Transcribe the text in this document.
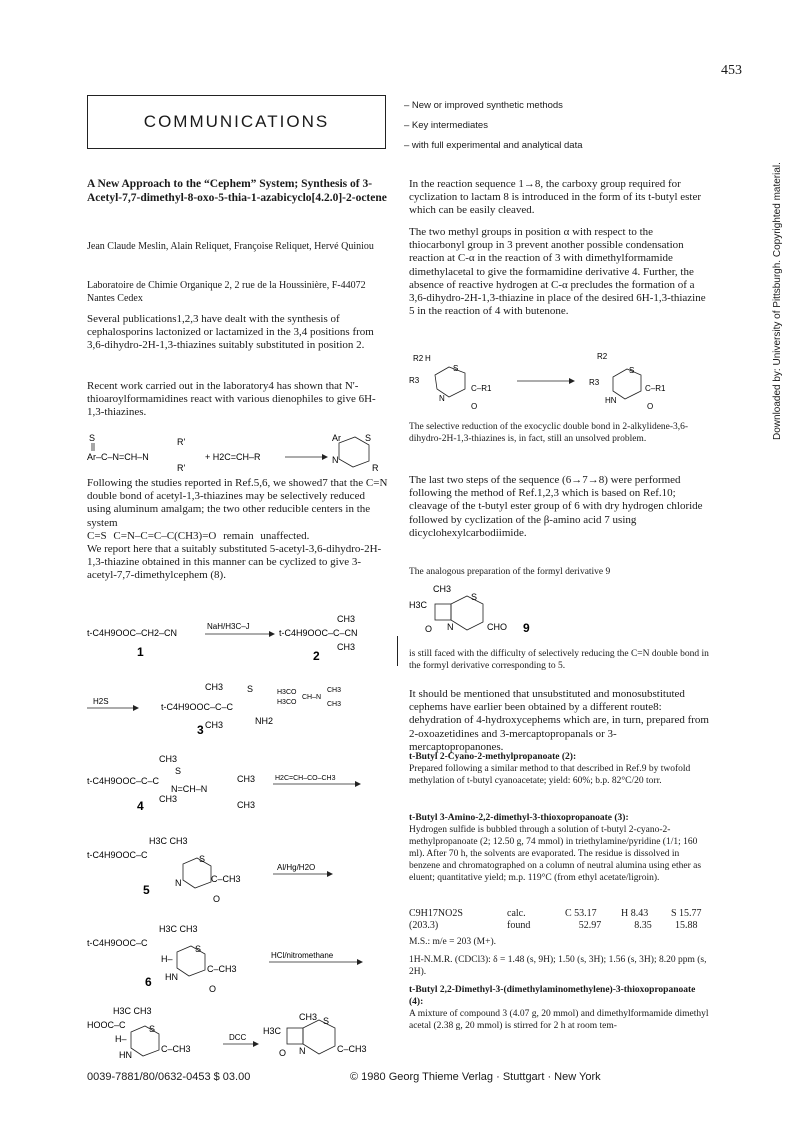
453
COMMUNICATIONS
– New or improved synthetic methods
– Key intermediates
– with full experimental and analytical data
A New Approach to the “Cephem” System; Synthesis of 3-Acetyl-7,7-dimethyl-8-oxo-5-thia-1-azabicyclo[4.2.0]-2-octene
Jean Claude Meslin, Alain Reliquet, Françoise Reliquet, Hervé Quiniou
Laboratoire de Chimie Organique 2, 2 rue de la Houssinière, F-44072 Nantes Cedex
Several publications1,2,3 have dealt with the synthesis of cephalosporins lactonized or lactamized in the 3,4 positions from 3,6-dihydro-2H-1,3-thiazines suitably substituted in position 2.
Recent work carried out in the laboratory4 has shown that N'-thioaroylformamidines react with various dienophiles to give 6H-1,3-thiazines.
S
Ar–C–N=CH–N
R'
R'
+ H2C=CH–R
Ar	S
N
R
Following the studies reported in Ref.5,6, we showed7 that the C=N double bond of acetyl-1,3-thiazines may be selectively reduced using aluminum amalgam; the two other reducible centers in the system
C=S C=N–C=C–C(CH3)=O remain unaffected.
We report here that a suitably substituted 5-acetyl-3,6-dihydro-2H-1,3-thiazine obtained in this manner can be cyclized to give 3-acetyl-7,7-dimethylcephem (8).
t-C4H9OOC–CH2–CN
NaH/H3C–J
t-C4H9OOC–C–CN
CH3
CH3
1	2
H2S
t-C4H9OOC–C–C
CH3	S
CH3	NH2
3
H3CO
H3CO
CH–N
CH3
CH3
CH3
S
t-C4H9OOC–C–C
CH3
N=CH–N
CH3
CH3
4
H2C=CH–CO–CH3
H3C CH3
t-C4H9OOC–C	S
N	C–CH3
O
5
Al/Hg/H2O
H3C CH3
t-C4H9OOC–C
H–
S
HN
C–CH3
O
6
HCl/nitromethane
H3C CH3
HOOC–C
H–
S
HN
C–CH3
DCC
CH3
H3C
S
O N	C–CH3
In the reaction sequence 1→8, the carboxy group required for cyclization to lactam 8 is introduced in the form of its t-butyl ester which can be easily cleaved.
The two methyl groups in position α with respect to the thiocarbonyl group in 3 prevent another possible condensation reaction at C-α in the reaction of 3 with dimethylformamide dimethylacetal to give the formamidine derivative 4. Further, the absence of reactive hydrogen at C-α precludes the formation of a 3,6-dihydro-2H-1,3-thiazine in place of the desired 6H-1,3-thiazine 5 in the reaction of 4 with butenone.
R2 H
R3
S
N
C–R1
O
R2
R3
S
HN
C–R1
O
The selective reduction of the exocyclic double bond in 2-alkylidene-3,6-dihydro-2H-1,3-thiazines is, in fact, still an unsolved problem.
The last two steps of the sequence (6→7→8) were performed following the method of Ref.1,2,3 which is based on Ref.10; cleavage of the t-butyl ester group of 6 with dry hydrogen chloride followed by cyclization of the β-amino acid 7 using dicyclohexylcarbodiimide.
The analogous preparation of the formyl derivative 9
CH3
H3C
S
O N	CHO 9
is still faced with the difficulty of selectively reducing the C=N double bond in the formyl derivative corresponding to 5.
It should be mentioned that unsubstituted and monosubstituted cephems have earlier been obtained by a different route8: dehydration of 4-hydroxycephems which are, in turn, prepared from 2-oxoazetidines and 3-mercaptopropanals or 3-mercaptopropanones.
t-Butyl 2-Cyano-2-methylpropanoate (2):
Prepared following a similar method to that described in Ref.9 by twofold methylation of t-butyl cyanoacetate; yield: 60%; b.p. 82°C/20 torr.
t-Butyl 3-Amino-2,2-dimethyl-3-thioxopropanoate (3):
Hydrogen sulfide is bubbled through a solution of t-butyl 2-cyano-2-methylpropanoate (2; 12.50 g, 74 mmol) in triethylamine/pyridine (1/1; 160 ml). After 70 h, the solvents are evaporated. The residue is dissolved in benzene and chromatographed on a column of neutral alumina using ether as eluent; quantitative yield; m.p. 119°C (from ethyl acetate/ligroin).
C9H17NO2S	calc.	C 53.17	H 8.43	S 15.77
(203.3)	found	52.97	8.35	15.88
M.S.: m/e = 203 (M+).
1H-N.M.R. (CDCl3): δ = 1.48 (s, 9H); 1.50 (s, 3H); 1.56 (s, 3H); 8.20 ppm (s, 2H).
t-Butyl 2,2-Dimethyl-3-(dimethylaminomethylene)-3-thioxopropanoate (4):
A mixture of compound 3 (4.07 g, 20 mmol) and dimethylformamide dimethyl acetal (2.38 g, 20 mmol) is stirred for 2 h at room tem-
0039-7881/80/0632-0453 $ 03.00	© 1980 Georg Thieme Verlag · Stuttgart · New York
Downloaded by: University of Pittsburgh. Copyrighted material.
